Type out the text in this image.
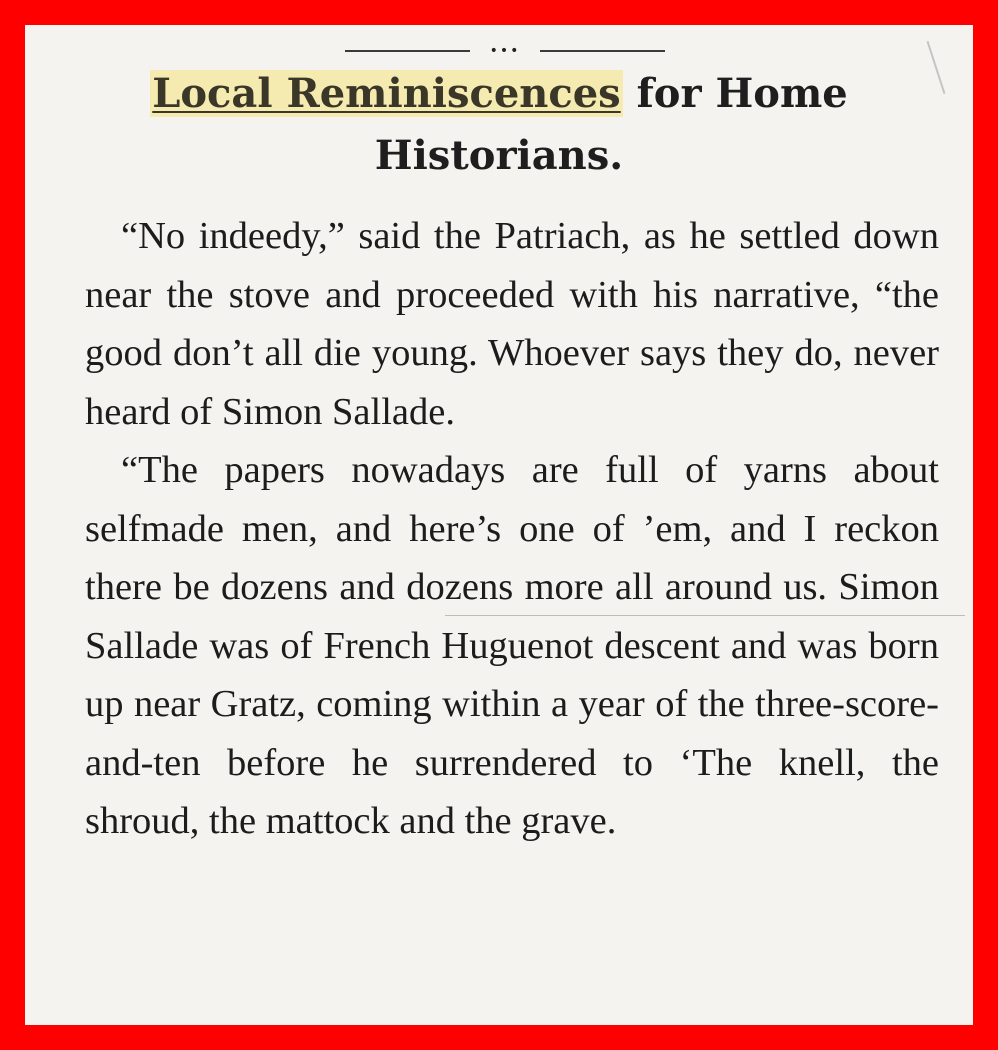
•••
Local Reminiscences for Home Historians.

“No indeedy,” said the Patriach, as he settled down near the stove and proceeded with his narrative, “the good don’t all die young. Whoever says they do, never heard of Simon Sallade.

“The papers nowadays are full of yarns about selfmade men, and here’s one of ’em, and I reckon there be dozens and dozens more all around us. Simon Sallade was of French Huguenot descent and was born up near Gratz, coming within a year of the three-score-and-ten before he surrendered to ‘The knell, the shroud, the mattock and the grave.
